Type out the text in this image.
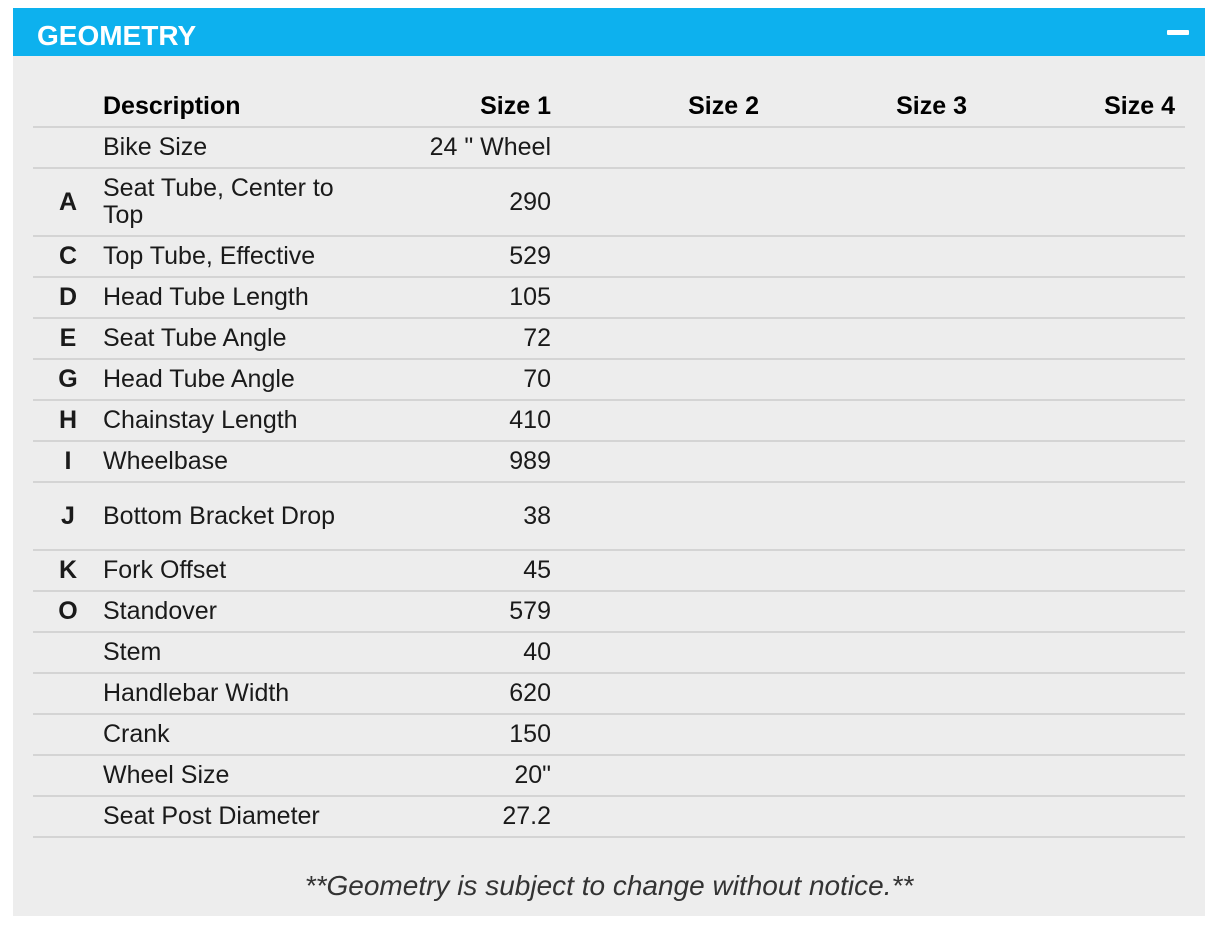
GEOMETRY
	Description	Size 1	Size 2	Size 3	Size 4	
	Bike Size	24 " Wheel				
A	Seat Tube, Center to Top	290				
C	Top Tube, Effective	529				
D	Head Tube Length	105				
E	Seat Tube Angle	72				
G	Head Tube Angle	70				
H	Chainstay Length	410				
I	Wheelbase	989				
J	Bottom Bracket Drop	38				
K	Fork Offset	45				
O	Standover	579				
	Stem	40				
	Handlebar Width	620				
	Crank	150				
	Wheel Size	20"				
	Seat Post Diameter	27.2				
**Geometry is subject to change without notice.**
